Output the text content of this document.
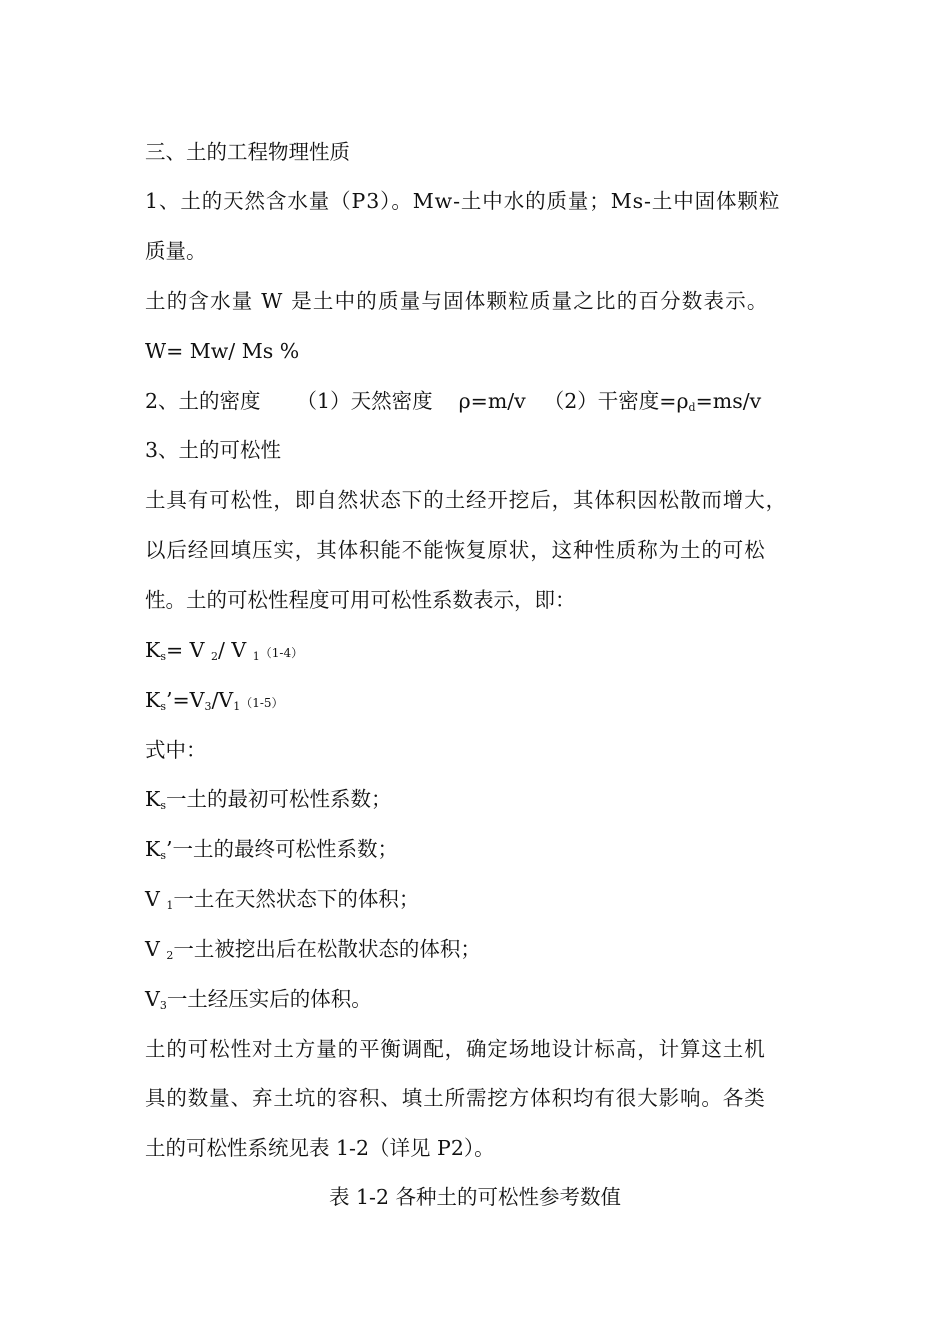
三、土的工程物理性质
1、土的天然含水量（P3）。Mw-土中水的质量；Ms-土中固体颗粒
质量。
土的含水量 W 是土中的质量与固体颗粒质量之比的百分数表示。
W= Mw/ Ms %
2、土的密度 （1）天然密度 ρ=m/v （2）干密度$=\rho_d=ms/v$
3、土的可松性
土具有可松性，即自然状态下的土经开挖后，其体积因松散而增大，
以后经回填压实，其体积能不能恢复原状，这种性质称为土的可松
性。土的可松性程度可用可松性系数表示，即：
$K_s= V$ $_2$/ V $_1$（1-4）
$K_s’=V_3/V_1(1-5)$
式中：
$K_s$一土的最初可松性系数；
$K_s$’一土的最终可松性系数；
V $_1$一土在天然状态下的体积；
V $_2$一土被挖出后在松散状态的体积；
$V_3$一土经压实后的体积。
土的可松性对土方量的平衡调配，确定场地设计标高，计算这土机
具的数量、弃土坑的容积、填土所需挖方体积均有很大影响。各类
土的可松性系统见表 1-2（详见 P2）。
表 1-2 各种土的可松性参考数值
